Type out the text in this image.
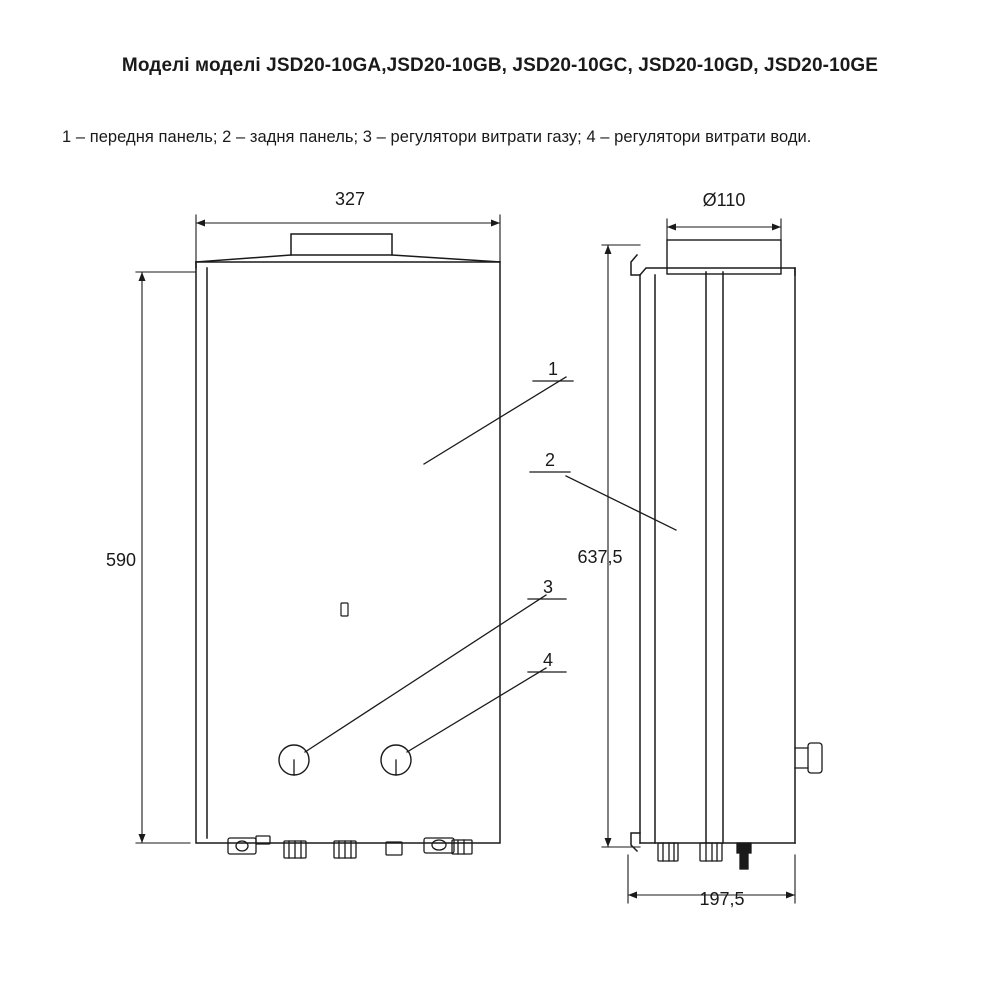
Моделі моделі JSD20-10GA,JSD20-10GB, JSD20-10GC, JSD20-10GD, JSD20-10GE
1 – передня панель; 2 – задня панель; 3 – регулятори витрати газу; 4 – регулятори витрати води.
327
590
Ø110
637,5
197,5
1
2
3
4
